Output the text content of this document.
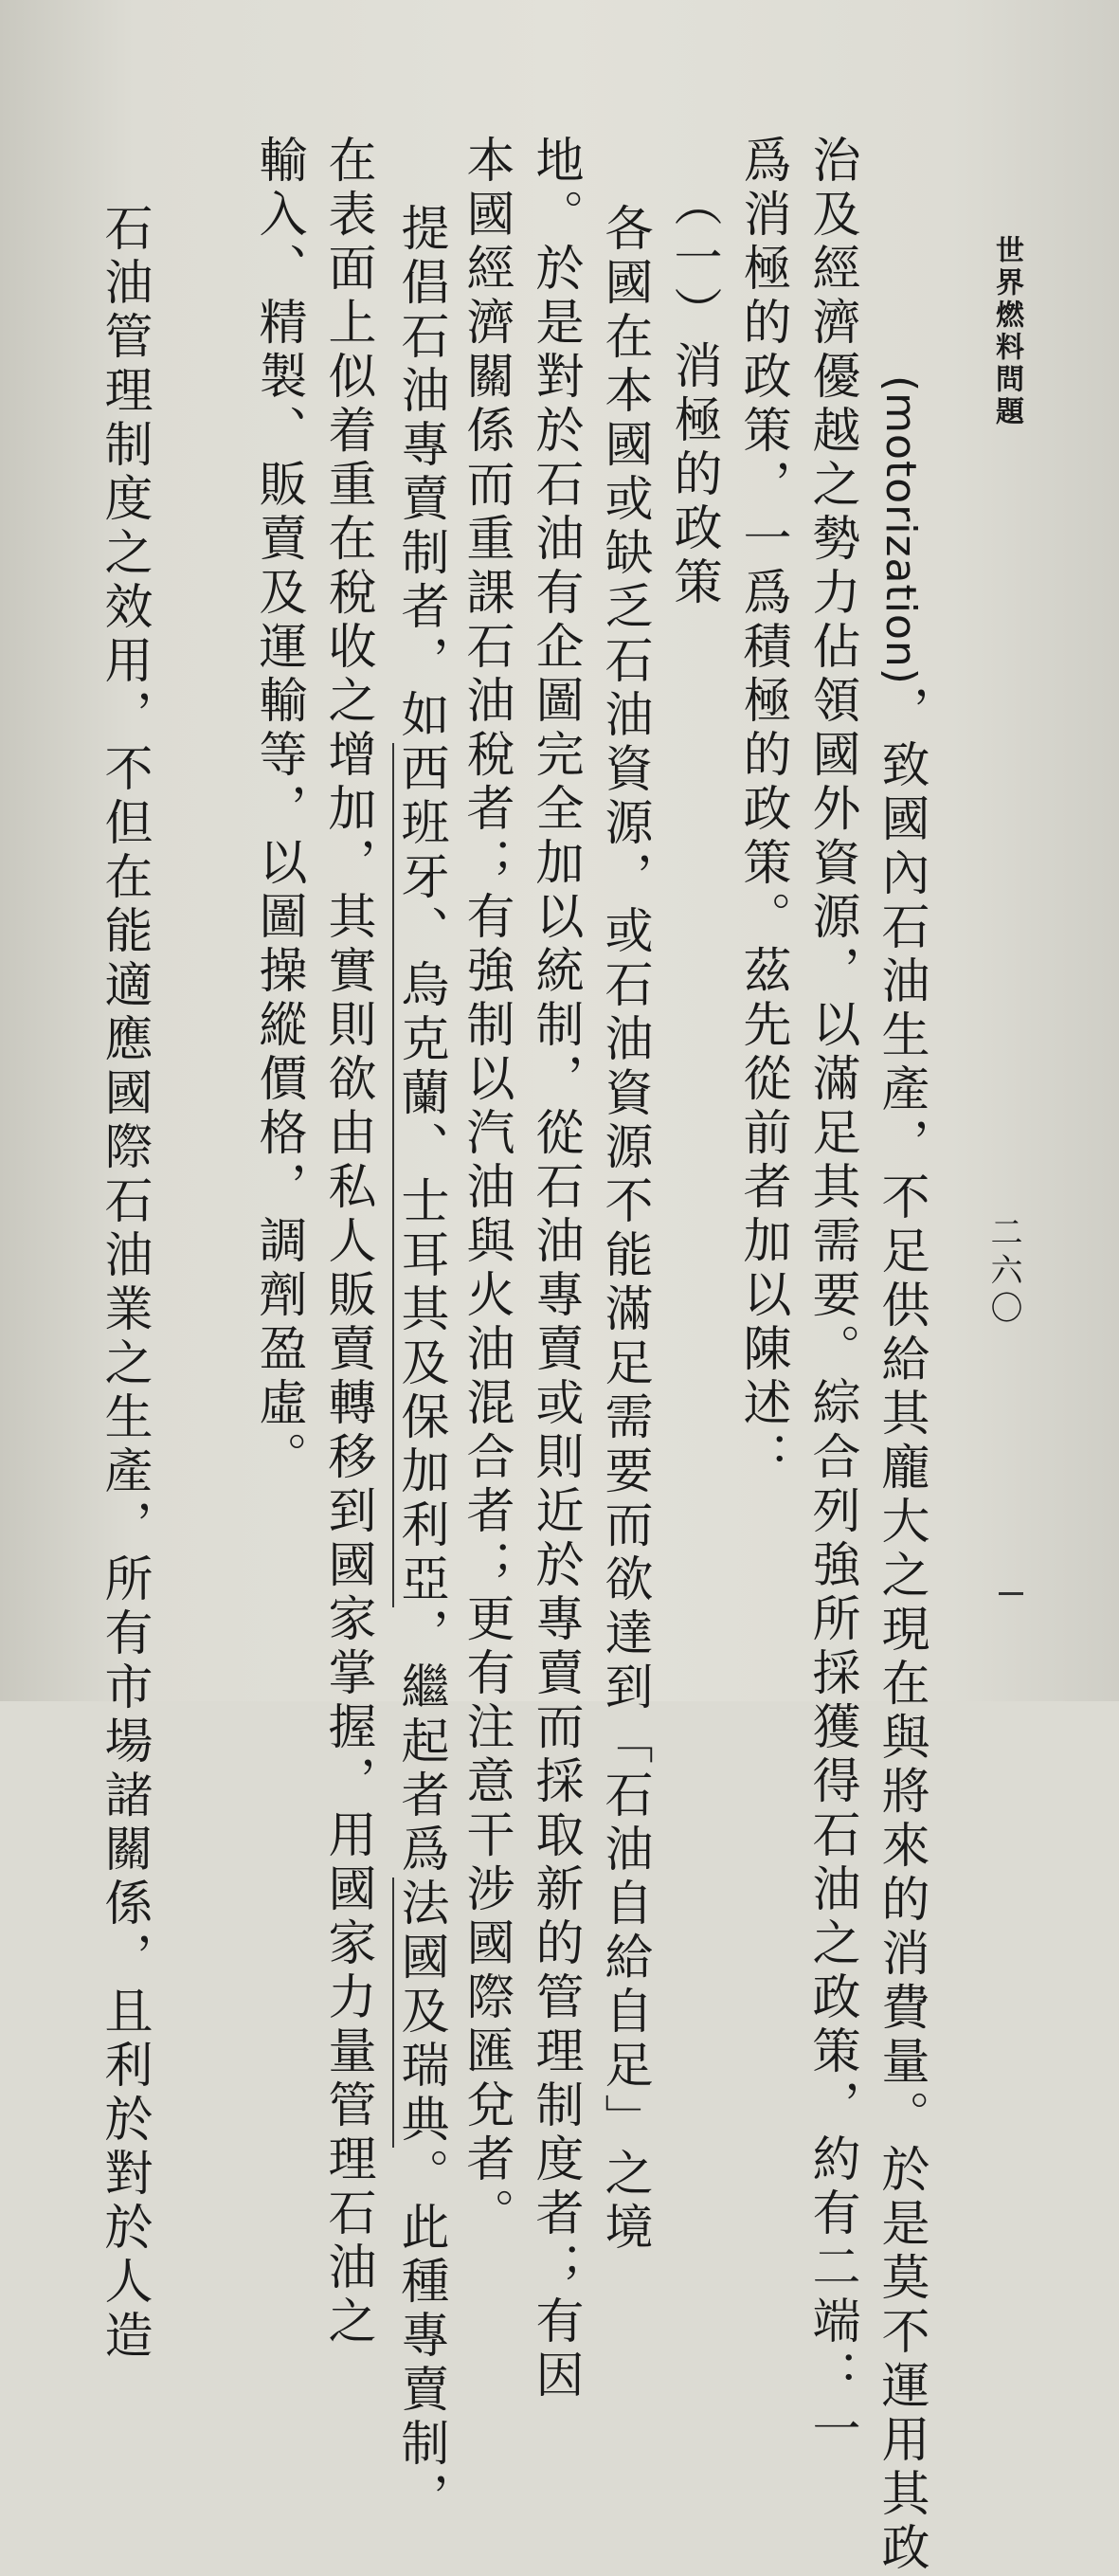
世界燃料問題
二六〇
(motorization)，致國內石油生產，不足供給其龐大之現在與將來的消費量。於是莫不運用其政
治及經濟優越之勢力佔領國外資源，以滿足其需要。綜合列強所採獲得石油之政策，約有二端：一
爲消極的政策，一爲積極的政策。茲先從前者加以陳述：
（一）消極的政策
各國在本國或缺乏石油資源，或石油資源不能滿足需要而欲達到「石油自給自足」之境
地。於是對於石油有企圖完全加以統制，從石油專賣或則近於專賣而採取新的管理制度者；有因
本國經濟關係而重課石油稅者；有強制以汽油與火油混合者；更有注意干涉國際匯兌者。
提倡石油專賣制者，如西班牙、烏克蘭、士耳其及保加利亞，繼起者爲法國及瑞典。此種專賣制，
在表面上似着重在稅收之增加，其實則欲由私人販賣轉移到國家掌握，用國家力量管理石油之
輸入、精製、販賣及運輸等，以圖操縱價格，調劑盈虛。
石油管理制度之效用，不但在能適應國際石油業之生產，所有市場諸關係，且利於對於人造
